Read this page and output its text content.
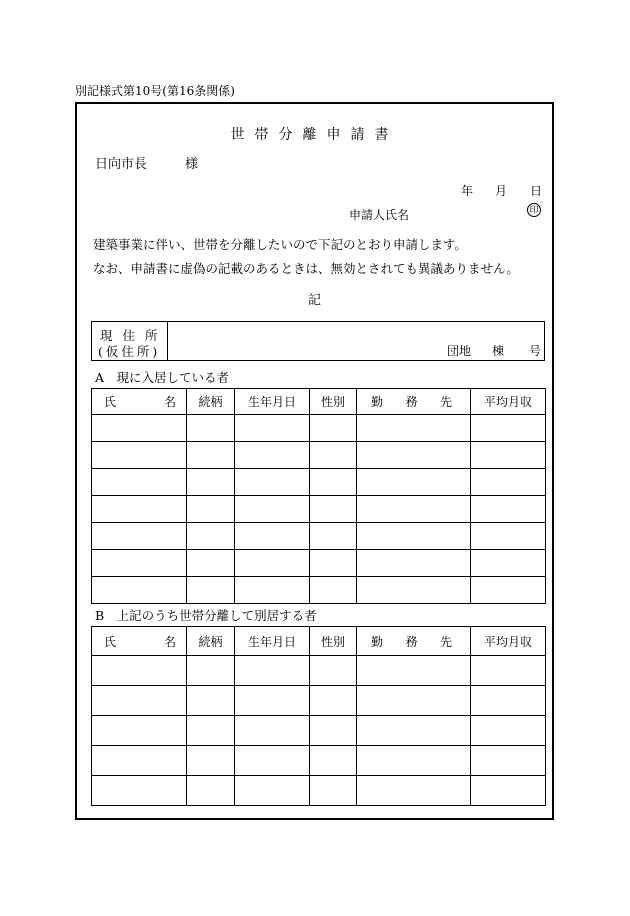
別記様式第10号(第16条関係)
世帯分離申請書
日向市長	様
年 月 日
申請人氏名	印
建築事業に伴い、世帯を分離したいので下記のとおり申請します。
なお、申請書に虚偽の記載のあるときは、無効とされても異議ありません。
記
現 住 所
(仮住所)	団地 棟 号
A　現に入居している者
氏 名	続柄	生年月日	性別	勤 務 先	平均月収

B　上記のうち世帯分離して別居する者
氏 名	続柄	生年月日	性別	勤 務 先	平均月収
